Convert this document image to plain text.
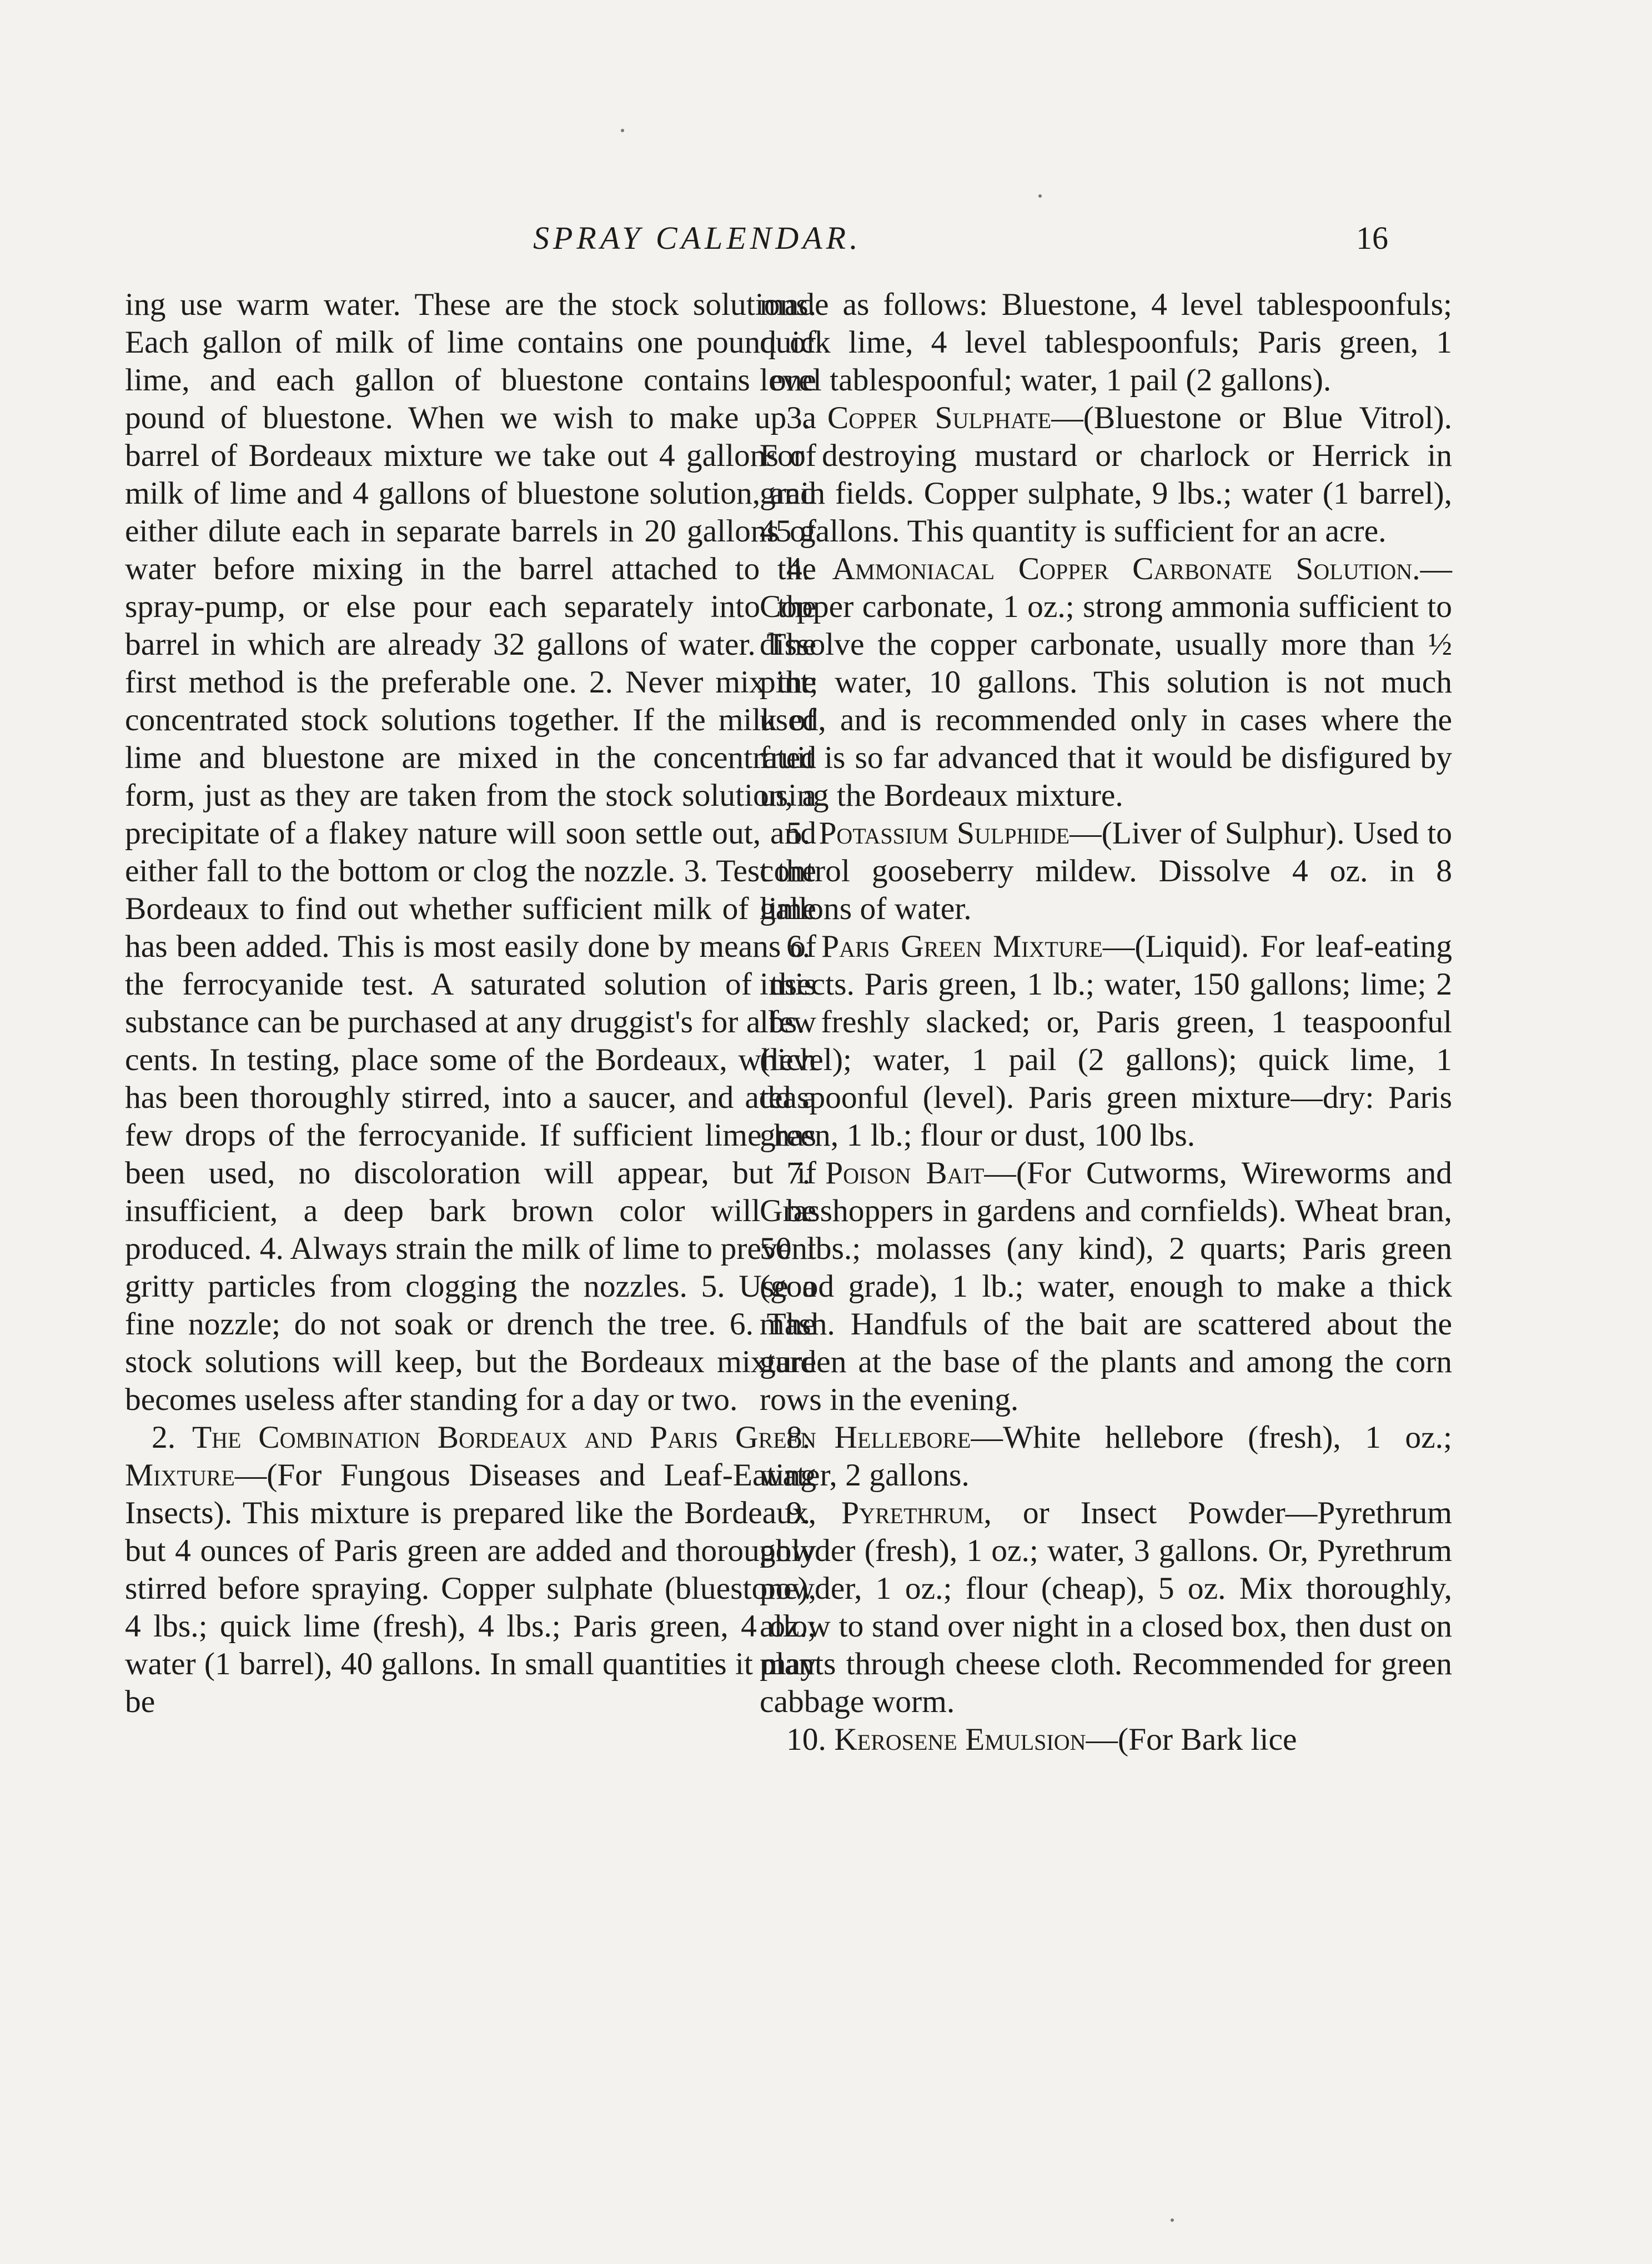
SPRAY CALENDAR.	16

ing use warm water. These are the stock solutions. Each gallon of milk of lime contains one pound of lime, and each gallon of bluestone contains one pound of bluestone. When we wish to make up a barrel of Bordeaux mixture we take out 4 gallons of milk of lime and 4 gallons of bluestone solution, and either dilute each in separate barrels in 20 gallons of water before mixing in the barrel attached to the spray-pump, or else pour each separately into the barrel in which are already 32 gallons of water. The first method is the preferable one. 2. Never mix the concentrated stock solutions together. If the milk of lime and bluestone are mixed in the concentrated form, just as they are taken from the stock solution, a precipitate of a flakey nature will soon settle out, and either fall to the bottom or clog the nozzle. 3. Test the Bordeaux to find out whether sufficient milk of lime has been added. This is most easily done by means of the ferrocyanide test. A saturated solution of this substance can be purchased at any druggist's for a few cents. In testing, place some of the Bordeaux, which has been thoroughly stirred, into a saucer, and add a few drops of the ferrocyanide. If sufficient lime has been used, no discoloration will appear, but if insufficient, a deep bark brown color will be produced. 4. Always strain the milk of lime to prevent gritty particles from clogging the nozzles. 5. Use a fine nozzle; do not soak or drench the tree. 6. The stock solutions will keep, but the Bordeaux mixture becomes useless after standing for a day or two.

2. The Combination Bordeaux and Paris Green Mixture—(For Fungous Diseases and Leaf-Eating Insects). This mixture is prepared like the Bordeaux, but 4 ounces of Paris green are added and thoroughly stirred before spraying. Copper sulphate (bluestone), 4 lbs.; quick lime (fresh), 4 lbs.; Paris green, 4 oz.; water (1 barrel), 40 gallons. In small quantities it may be

made as follows: Bluestone, 4 level tablespoonfuls; quick lime, 4 level tablespoonfuls; Paris green, 1 level tablespoonful; water, 1 pail (2 gallons).

3. Copper Sulphate—(Bluestone or Blue Vitrol). For destroying mustard or charlock or Herrick in grain fields. Copper sulphate, 9 lbs.; water (1 barrel), 45 gallons. This quantity is sufficient for an acre.

4. Ammoniacal Copper Carbonate Solution.—Copper carbonate, 1 oz.; strong ammonia sufficient to dissolve the copper carbonate, usually more than ½ pint; water, 10 gallons. This solution is not much used, and is recommended only in cases where the fruit is so far advanced that it would be disfigured by using the Bordeaux mixture.

5. Potassium Sulphide—(Liver of Sulphur). Used to control gooseberry mildew. Dissolve 4 oz. in 8 gallons of water.

6. Paris Green Mixture—(Liquid). For leaf-eating insects. Paris green, 1 lb.; water, 150 gallons; lime; 2 lbs. freshly slacked; or, Paris green, 1 teaspoonful (level); water, 1 pail (2 gallons); quick lime, 1 teaspoonful (level). Paris green mixture—dry: Paris green, 1 lb.; flour or dust, 100 lbs.

7. Poison Bait—(For Cutworms, Wireworms and Grasshoppers in gardens and cornfields). Wheat bran, 50 lbs.; molasses (any kind), 2 quarts; Paris green (good grade), 1 lb.; water, enough to make a thick mash. Handfuls of the bait are scattered about the garden at the base of the plants and among the corn rows in the evening.

8. Hellebore—White hellebore (fresh), 1 oz.; water, 2 gallons.

9. Pyrethrum, or Insect Powder—Pyrethrum powder (fresh), 1 oz.; water, 3 gallons. Or, Pyrethrum powder, 1 oz.; flour (cheap), 5 oz. Mix thoroughly, allow to stand over night in a closed box, then dust on plants through cheese cloth. Recommended for green cabbage worm.

10. Kerosene Emulsion—(For Bark lice
